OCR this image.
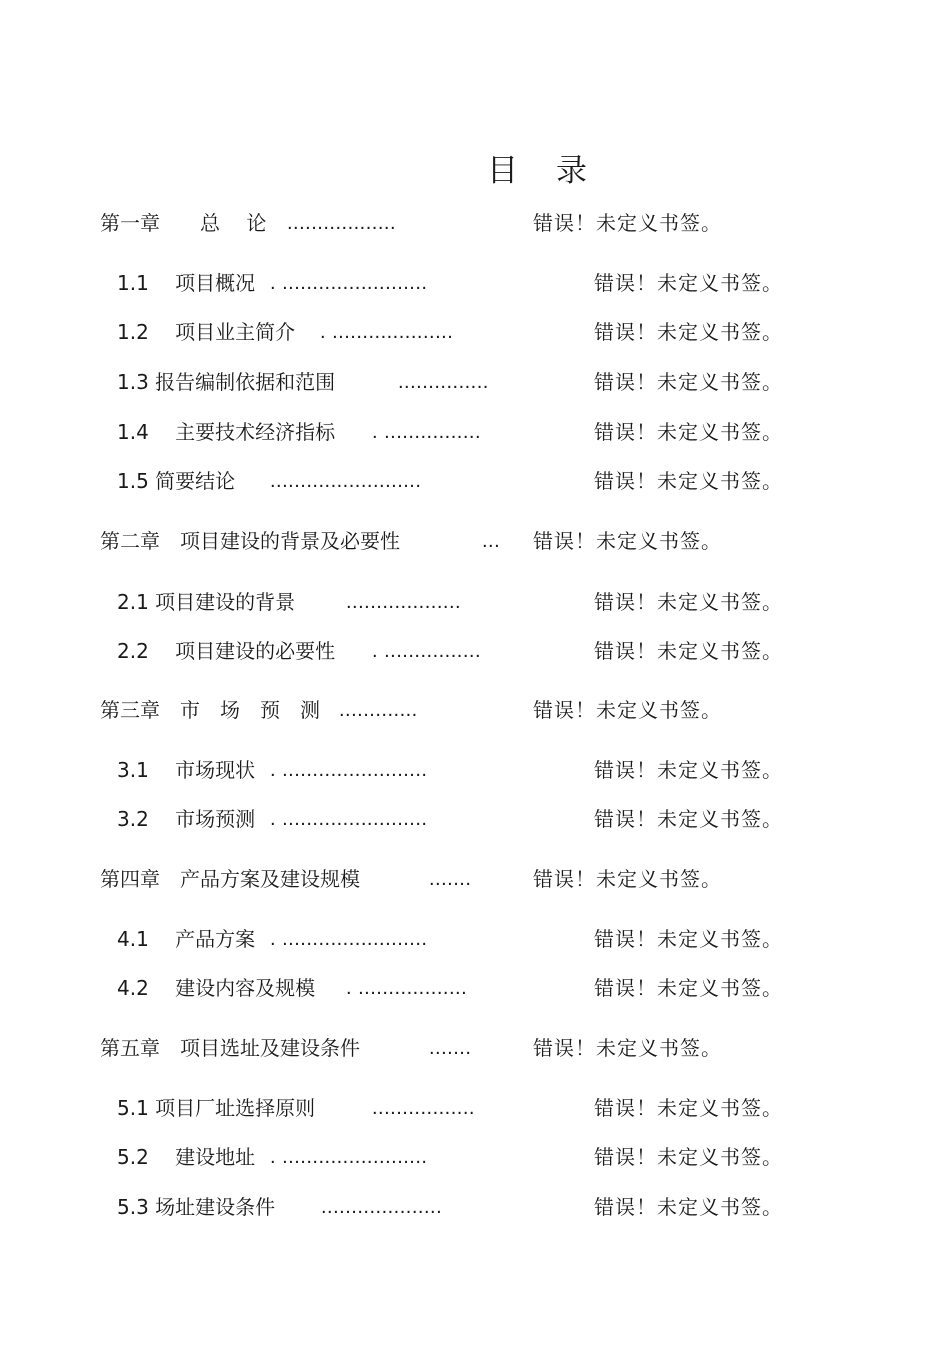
目录
第一章　　总　 论 ..................	错误！未定义书签。
1.1 　项目概况 . ........................	错误！未定义书签。
1.2 　项目业主简介 . ....................	错误！未定义书签。
1.3 报告编制依据和范围	...............	错误！未定义书签。
1.4 　主要技术经济指标 . ................	错误！未定义书签。
1.5 简要结论 .........................	错误！未定义书签。
第二章　项目建设的背景及必要性	... 错误！未定义书签。
2.1 项目建设的背景	...................	错误！未定义书签。
2.2 　项目建设的必要性 . ................	错误！未定义书签。
第三章　市　场　预　测 .............	错误！未定义书签。
3.1 　市场现状 . ........................	错误！未定义书签。
3.2 　市场预测 . ........................	错误！未定义书签。
第四章　产品方案及建设规模	.......	错误！未定义书签。
4.1 　产品方案 . ........................	错误！未定义书签。
4.2 　建设内容及规模 . ..................	错误！未定义书签。
第五章　项目选址及建设条件	.......	错误！未定义书签。
5.1 项目厂址选择原则	.................	错误！未定义书签。
5.2 　建设地址 . ........................	错误！未定义书签。
5.3 场址建设条件 ....................	错误！未定义书签。
